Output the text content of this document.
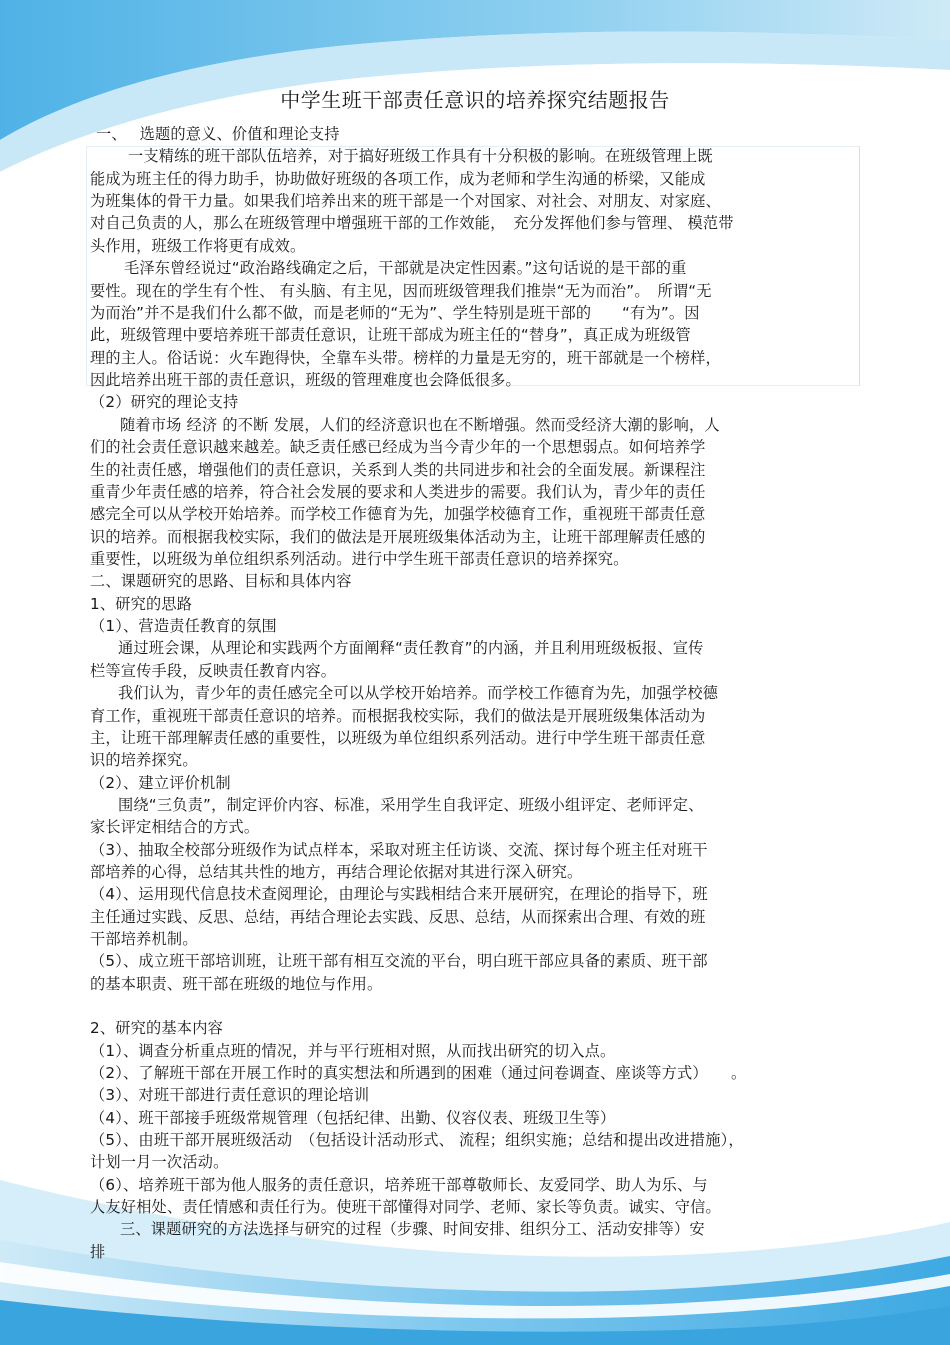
中学生班干部责任意识的培养探究结题报告
一、　 选题的意义、价值和理论支持
一支精练的班干部队伍培养，对于搞好班级工作具有十分积极的影响。在班级管理上既
能成为班主任的得力助手，协助做好班级的各项工作，成为老师和学生沟通的桥梁，又能成
为班集体的骨干力量。如果我们培养出来的班干部是一个对国家、对社会、对朋友、对家庭、
对自己负责的人，那么在班级管理中增强班干部的工作效能，　充分发挥他们参与管理、 模范带
头作用，班级工作将更有成效。
毛泽东曾经说过“政治路线确定之后，干部就是决定性因素。”这句话说的是干部的重
要性。现在的学生有个性、 有头脑、有主见，因而班级管理我们推崇“无为而治”。　所谓“无
为而治”并不是我们什么都不做，而是老师的“无为”、学生特别是班干部的　　“有为”。因
此，班级管理中要培养班干部责任意识，让班干部成为班主任的“替身”，真正成为班级管
理的主人。俗话说：火车跑得快，全靠车头带。榜样的力量是无穷的，班干部就是一个榜样，
因此培养出班干部的责任意识，班级的管理难度也会降低很多。
（2）研究的理论支持
随着市场 经济 的不断 发展，人们的经济意识也在不断增强。然而受经济大潮的影响，人
们的社会责任意识越来越差。缺乏责任感已经成为当今青少年的一个思想弱点。如何培养学
生的社责任感，增强他们的责任意识，关系到人类的共同进步和社会的全面发展。新课程注
重青少年责任感的培养，符合社会发展的要求和人类进步的需要。我们认为，青少年的责任
感完全可以从学校开始培养。而学校工作德育为先，加强学校德育工作，重视班干部责任意
识的培养。而根据我校实际，我们的做法是开展班级集体活动为主，让班干部理解责任感的
重要性，以班级为单位组织系列活动。进行中学生班干部责任意识的培养探究。
二、课题研究的思路、目标和具体内容
1、研究的思路
（1）、营造责任教育的氛围
通过班会课，从理论和实践两个方面阐释“责任教育”的内涵，并且利用班级板报、宣传
栏等宣传手段，反映责任教育内容。
我们认为，青少年的责任感完全可以从学校开始培养。而学校工作德育为先，加强学校德
育工作，重视班干部责任意识的培养。而根据我校实际，我们的做法是开展班级集体活动为
主，让班干部理解责任感的重要性，以班级为单位组织系列活动。进行中学生班干部责任意
识的培养探究。
（2）、建立评价机制
围绕“三负责”，制定评价内容、标准，采用学生自我评定、班级小组评定、老师评定、
家长评定相结合的方式。
（3）、抽取全校部分班级作为试点样本，采取对班主任访谈、交流、探讨每个班主任对班干
部培养的心得，总结其共性的地方，再结合理论依据对其进行深入研究。
（4）、运用现代信息技术查阅理论，由理论与实践相结合来开展研究，在理论的指导下，班
主任通过实践、反思、总结，再结合理论去实践、反思、总结，从而探索出合理、有效的班
干部培养机制。
（5）、成立班干部培训班，让班干部有相互交流的平台，明白班干部应具备的素质、班干部
的基本职责、班干部在班级的地位与作用。
2、研究的基本内容
（1）、调查分析重点班的情况，并与平行班相对照，从而找出研究的切入点。
（2）、了解班干部在开展工作时的真实想法和所遇到的困难（通过问卷调查、座谈等方式）　　。
（3）、对班干部进行责任意识的理论培训
（4）、班干部接手班级常规管理（包括纪律、出勤、仪容仪表、班级卫生等）
（5）、由班干部开展班级活动　（包括设计活动形式、 流程；组织实施；总结和提出改进措施），
计划一月一次活动。
（6）、培养班干部为他人服务的责任意识，培养班干部尊敬师长、友爱同学、助人为乐、与
人友好相处、责任情感和责任行为。使班干部懂得对同学、老师、家长等负责。诚实、守信。
三、课题研究的方法选择与研究的过程（步骤、时间安排、组织分工、活动安排等）安
排
